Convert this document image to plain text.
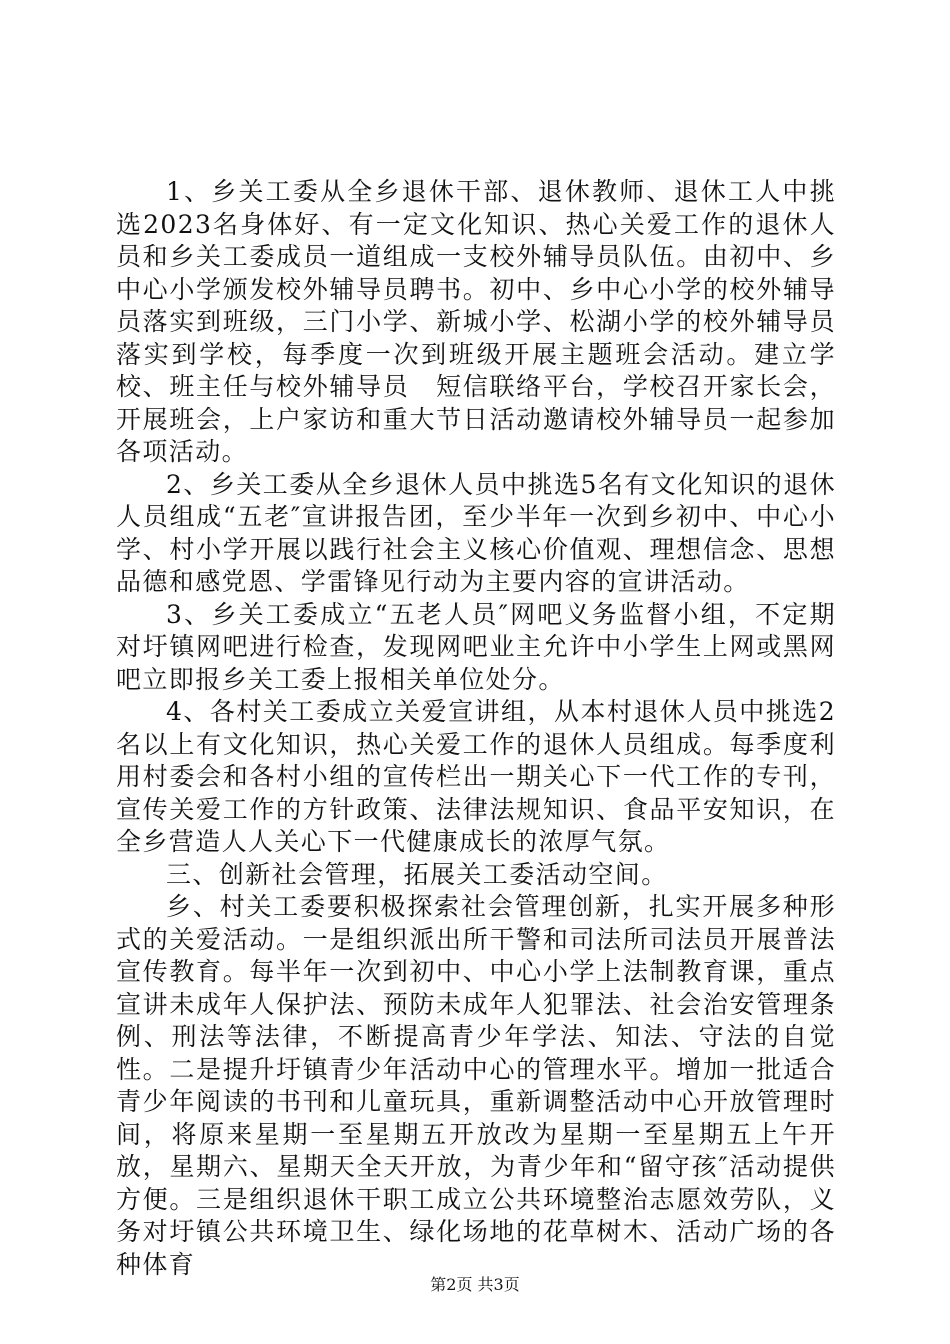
1、乡关工委从全乡退休干部、退休教师、退休工人中挑选2023名身体好、有一定文化知识、热心关爱工作的退休人员和乡关工委成员一道组成一支校外辅导员队伍。由初中、乡中心小学颁发校外辅导员聘书。初中、乡中心小学的校外辅导员落实到班级，三门小学、新城小学、松湖小学的校外辅导员落实到学校，每季度一次到班级开展主题班会活动。建立学校、班主任与校外辅导员　短信联络平台，学校召开家长会，开展班会，上户家访和重大节日活动邀请校外辅导员一起参加各项活动。

2、乡关工委从全乡退休人员中挑选5名有文化知识的退休人员组成“五老″宣讲报告团，至少半年一次到乡初中、中心小学、村小学开展以践行社会主义核心价值观、理想信念、思想品德和感党恩、学雷锋见行动为主要内容的宣讲活动。

3、乡关工委成立“五老人员″网吧义务监督小组，不定期对圩镇网吧进行检查，发现网吧业主允许中小学生上网或黑网吧立即报乡关工委上报相关单位处分。

4、各村关工委成立关爱宣讲组，从本村退休人员中挑选2名以上有文化知识，热心关爱工作的退休人员组成。每季度利用村委会和各村小组的宣传栏出一期关心下一代工作的专刊，宣传关爱工作的方针政策、法律法规知识、食品平安知识，在全乡营造人人关心下一代健康成长的浓厚气氛。

三、创新社会管理，拓展关工委活动空间。

乡、村关工委要积极探索社会管理创新，扎实开展多种形式的关爱活动。一是组织派出所干警和司法所司法员开展普法宣传教育。每半年一次到初中、中心小学上法制教育课，重点宣讲未成年人保护法、预防未成年人犯罪法、社会治安管理条例、刑法等法律，不断提高青少年学法、知法、守法的自觉性。二是提升圩镇青少年活动中心的管理水平。增加一批适合青少年阅读的书刊和儿童玩具，重新调整活动中心开放管理时间，将原来星期一至星期五开放改为星期一至星期五上午开放，星期六、星期天全天开放，为青少年和“留守孩″活动提供方便。三是组织退休干职工成立公共环境整治志愿效劳队，义务对圩镇公共环境卫生、绿化场地的花草树木、活动广场的各种体育

第2页 共3页
